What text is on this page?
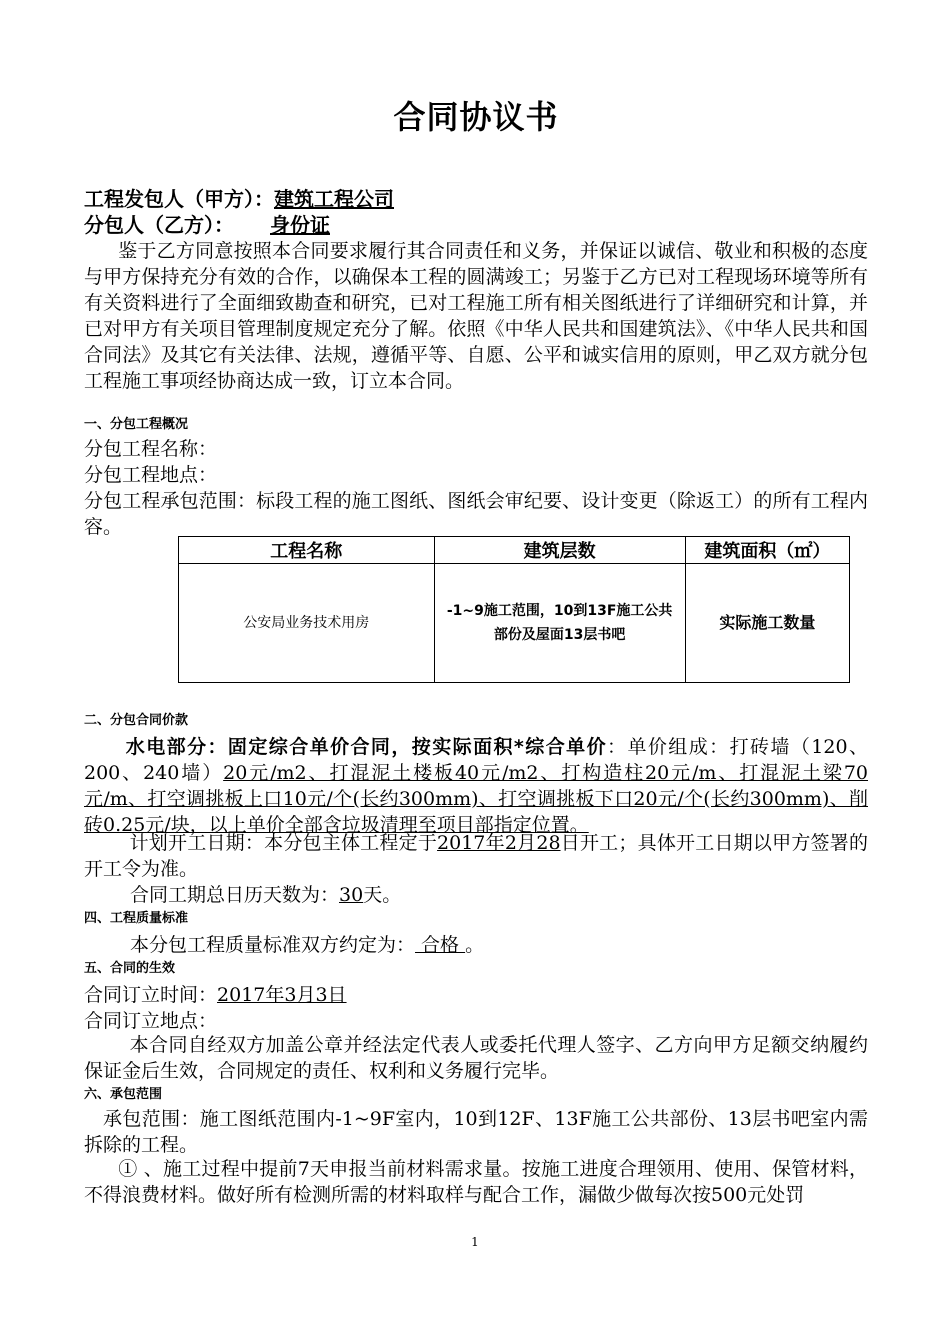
合同协议书
工程发包人（甲方）：建筑工程公司
分包人（乙方）： 身份证
鉴于乙方同意按照本合同要求履行其合同责任和义务，并保证以诚信、敬业和积极的态度与甲方保持充分有效的合作，以确保本工程的圆满竣工；另鉴于乙方已对工程现场环境等所有有关资料进行了全面细致勘查和研究，已对工程施工所有相关图纸进行了详细研究和计算，并已对甲方有关项目管理制度规定充分了解。依照《中华人民共和国建筑法》、《中华人民共和国合同法》及其它有关法律、法规，遵循平等、自愿、公平和诚实信用的原则，甲乙双方就分包工程施工事项经协商达成一致，订立本合同。
一、分包工程概况
分包工程名称：
分包工程地点：
分包工程承包范围：标段工程的施工图纸、图纸会审纪要、设计变更（除返工）的所有工程内容。
工程名称	建筑层数	建筑面积（㎡）
公安局业务技术用房	-1~9施工范围，10到13F施工公共部份及屋面13层书吧	实际施工数量
二、分包合同价款
水电部分：固定综合单价合同，按实际面积*综合单价：单价组成：打砖墙（120、200、240墙）20元/m2、打混泥土楼板40元/m2、打构造柱20元/m、打混泥土梁70元/m、打空调挑板上口10元/个(长约300mm)、打空调挑板下口20元/个(长约300mm)、削砖0.25元/块，以上单价全部含垃圾清理至项目部指定位置。
计划开工日期：本分包主体工程定于2017年2月28日开工；具体开工日期以甲方签署的开工令为准。
合同工期总日历天数为：30天。
四、工程质量标准
本分包工程质量标准双方约定为： 合格 。
五、合同的生效
合同订立时间：2017年3月3日
合同订立地点：
本合同自经双方加盖公章并经法定代表人或委托代理人签字、乙方向甲方足额交纳履约保证金后生效，合同规定的责任、权利和义务履行完毕。
六、承包范围
承包范围：施工图纸范围内-1~9F室内，10到12F、13F施工公共部份、13层书吧室内需拆除的工程。
① 、施工过程中提前7天申报当前材料需求量。按施工进度合理领用、使用、保管材料，不得浪费材料。做好所有检测所需的材料取样与配合工作，漏做少做每次按500元处罚
1
